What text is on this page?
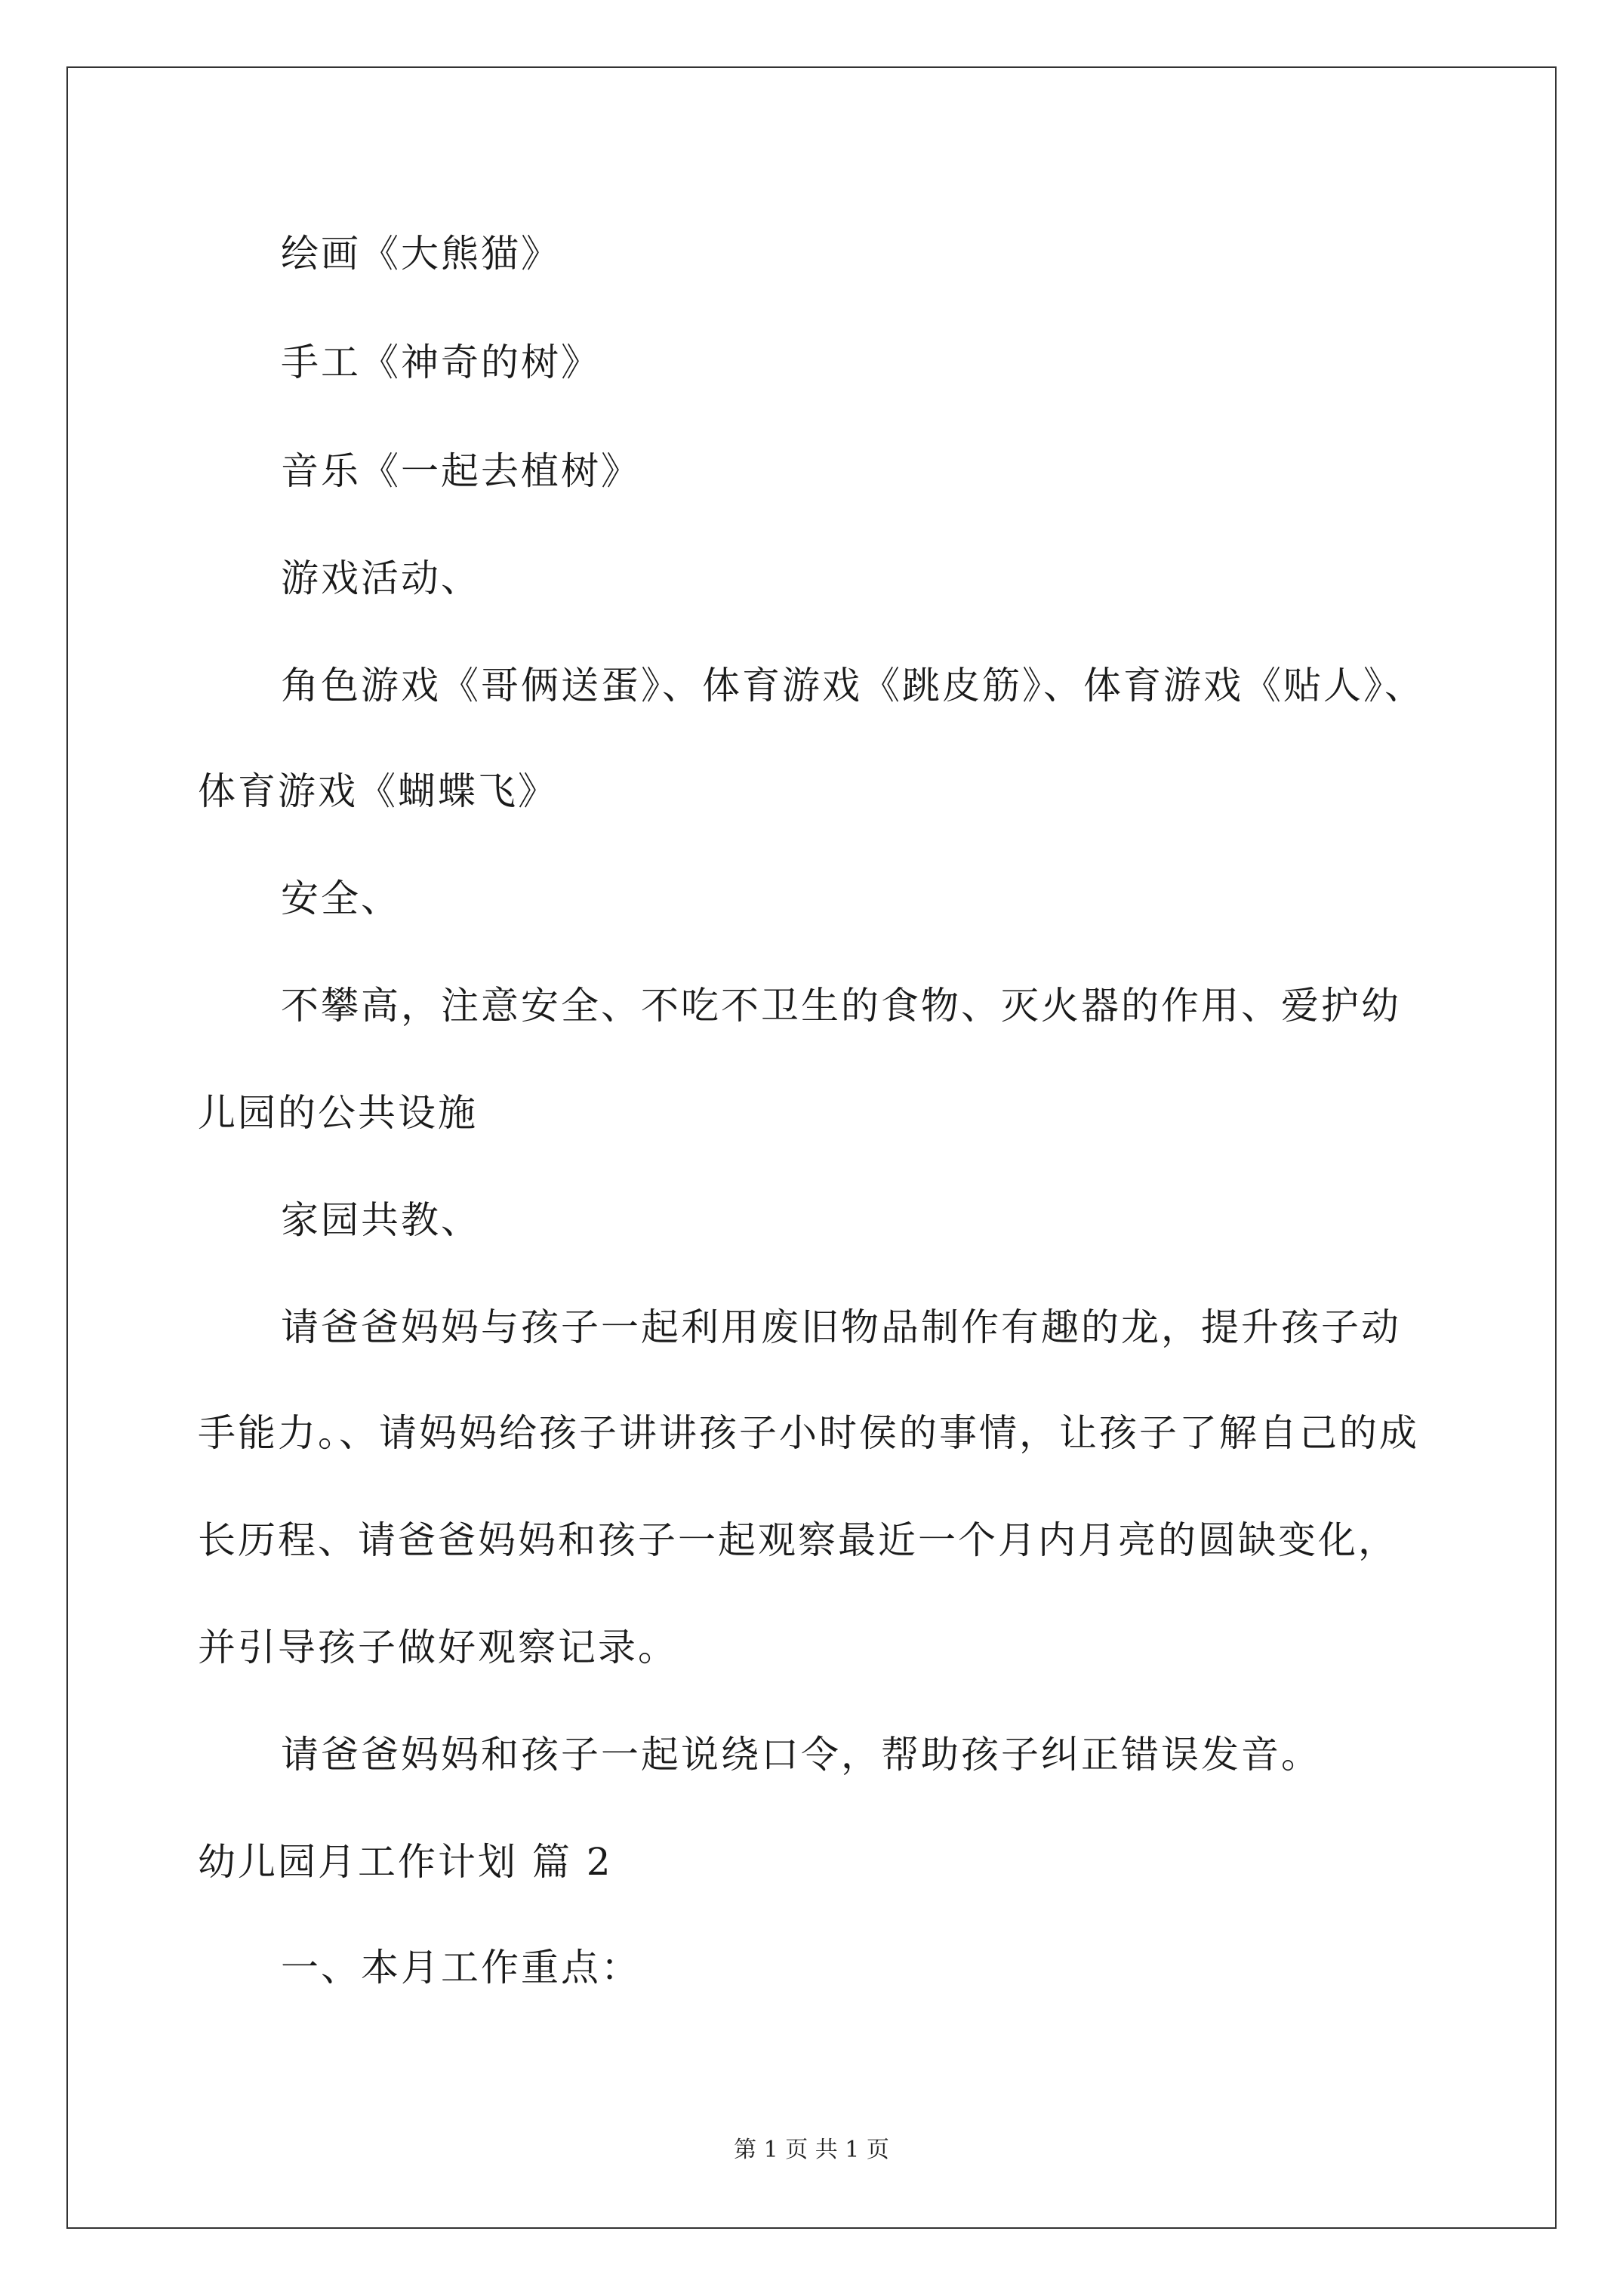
绘画《大熊猫》
手工《神奇的树》
音乐《一起去植树》
游戏活动、
角色游戏《哥俩送蛋》、体育游戏《跳皮筋》、体育游戏《贴人》、
体育游戏《蝴蝶飞》
安全、
不攀高，注意安全、不吃不卫生的食物、灭火器的作用、爱护幼
儿园的公共设施
家园共教、
请爸爸妈妈与孩子一起利用废旧物品制作有趣的龙，提升孩子动
手能力。、请妈妈给孩子讲讲孩子小时侯的事情，让孩子了解自己的成
长历程、请爸爸妈妈和孩子一起观察最近一个月内月亮的圆缺变化，
并引导孩子做好观察记录。
请爸爸妈妈和孩子一起说绕口令，帮助孩子纠正错误发音。
幼儿园月工作计划 篇 2
一、本月工作重点：
第 1 页 共 1 页
